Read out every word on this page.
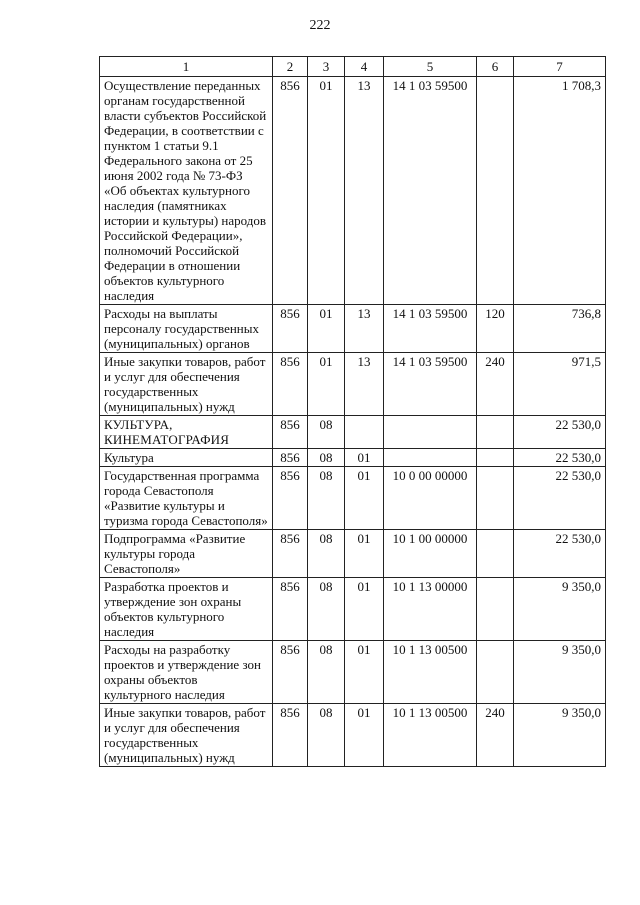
222
1	2	3	4	5	6	7
Осуществление переданных органам государственной власти субъектов Российской Федерации, в соответствии с пунктом 1 статьи 9.1 Федерального закона от 25 июня 2002 года № 73-ФЗ «Об объектах культурного наследия (памятниках истории и культуры) народов Российской Федерации», полномочий Российской Федерации в отношении объектов культурного наследия	856	01	13	14 1 03 59500		1 708,3
Расходы на выплаты персоналу государственных (муниципальных) органов	856	01	13	14 1 03 59500	120	736,8
Иные закупки товаров, работ и услуг для обеспечения государственных (муниципальных) нужд	856	01	13	14 1 03 59500	240	971,5
КУЛЬТУРА, КИНЕМАТОГРАФИЯ	856	08				22 530,0
Культура	856	08	01			22 530,0
Государственная программа города Севастополя «Развитие культуры и туризма города Севастополя»	856	08	01	10 0 00 00000		22 530,0
Подпрограмма «Развитие культуры города Севастополя»	856	08	01	10 1 00 00000		22 530,0
Разработка проектов и утверждение зон охраны объектов культурного наследия	856	08	01	10 1 13 00000		9 350,0
Расходы на разработку проектов и утверждение зон охраны объектов культурного наследия	856	08	01	10 1 13 00500		9 350,0
Иные закупки товаров, работ и услуг для обеспечения государственных (муниципальных) нужд	856	08	01	10 1 13 00500	240	9 350,0
